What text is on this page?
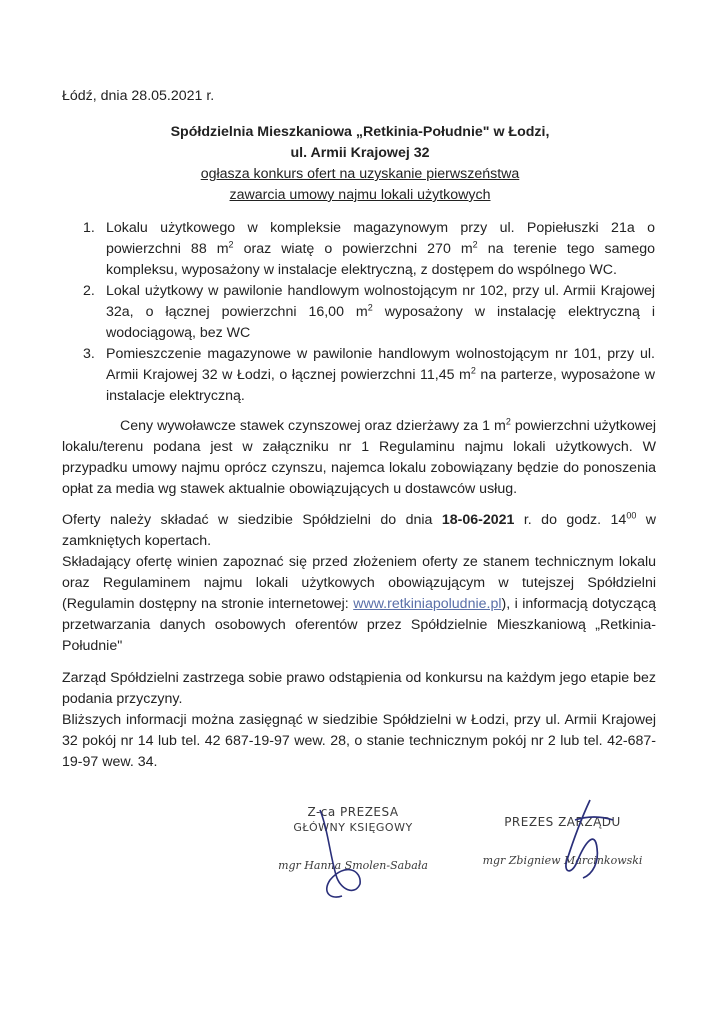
Łódź, dnia 28.05.2021 r.
Spółdzielnia Mieszkaniowa „Retkinia-Południe" w Łodzi,
ul. Armii Krajowej 32
ogłasza konkurs ofert na uzyskanie pierwszeństwa
zawarcia umowy najmu lokali użytkowych
1. Lokalu użytkowego w kompleksie magazynowym przy ul. Popiełuszki 21a o powierzchni 88 $m^2$ oraz wiatę o powierzchni 270 $m^2$ na terenie tego samego kompleksu, wyposażony w instalacje elektryczną, z dostępem do wspólnego WC.
2. Lokal użytkowy w pawilonie handlowym wolnostojącym nr 102, przy ul. Armii Krajowej 32a, o łącznej powierzchni 16,00 $m^2$ wyposażony w instalację elektryczną i wodociągową, bez WC
3. Pomieszczenie magazynowe w pawilonie handlowym wolnostojącym nr 101, przy ul. Armii Krajowej 32 w Łodzi, o łącznej powierzchni 11,45 $m^2$ na parterze, wyposażone w instalacje elektryczną.

Ceny wywoławcze stawek czynszowej oraz dzierżawy za 1 $m^2$ powierzchni użytkowej lokalu/terenu podana jest w załączniku nr 1 Regulaminu najmu lokali użytkowych. W przypadku umowy najmu oprócz czynszu, najemca lokalu zobowiązany będzie do ponoszenia opłat za media wg stawek aktualnie obowiązujących u dostawców usług.

Oferty należy składać w siedzibie Spółdzielni do dnia 18-06-2021 r. do godz. $14^{00}$ w zamkniętych kopertach.

Składający ofertę winien zapoznać się przed złożeniem oferty ze stanem technicznym lokalu oraz Regulaminem najmu lokali użytkowych obowiązującym w tutejszej Spółdzielni (Regulamin dostępny na stronie internetowej: www.retkiniapoludnie.pl), i informacją dotyczącą przetwarzania danych osobowych oferentów przez Spółdzielnie Mieszkaniową „Retkinia-Południe"

Zarząd Spółdzielni zastrzega sobie prawo odstąpienia od konkursu na każdym jego etapie bez podania przyczyny.

Bliższych informacji można zasięgnąć w siedzibie Spółdzielni w Łodzi, przy ul. Armii Krajowej 32 pokój nr 14 lub tel. 42 687-19-97 wew. 28, o stanie technicznym pokój nr 2 lub tel. 42-687-19-97 wew. 34.

Z-ca PREZESA
GŁÓWNY KSIĘGOWY
mgr Hanna Smolen-Sabała
PREZES ZARZĄDU
mgr Zbigniew Marcinkowski
